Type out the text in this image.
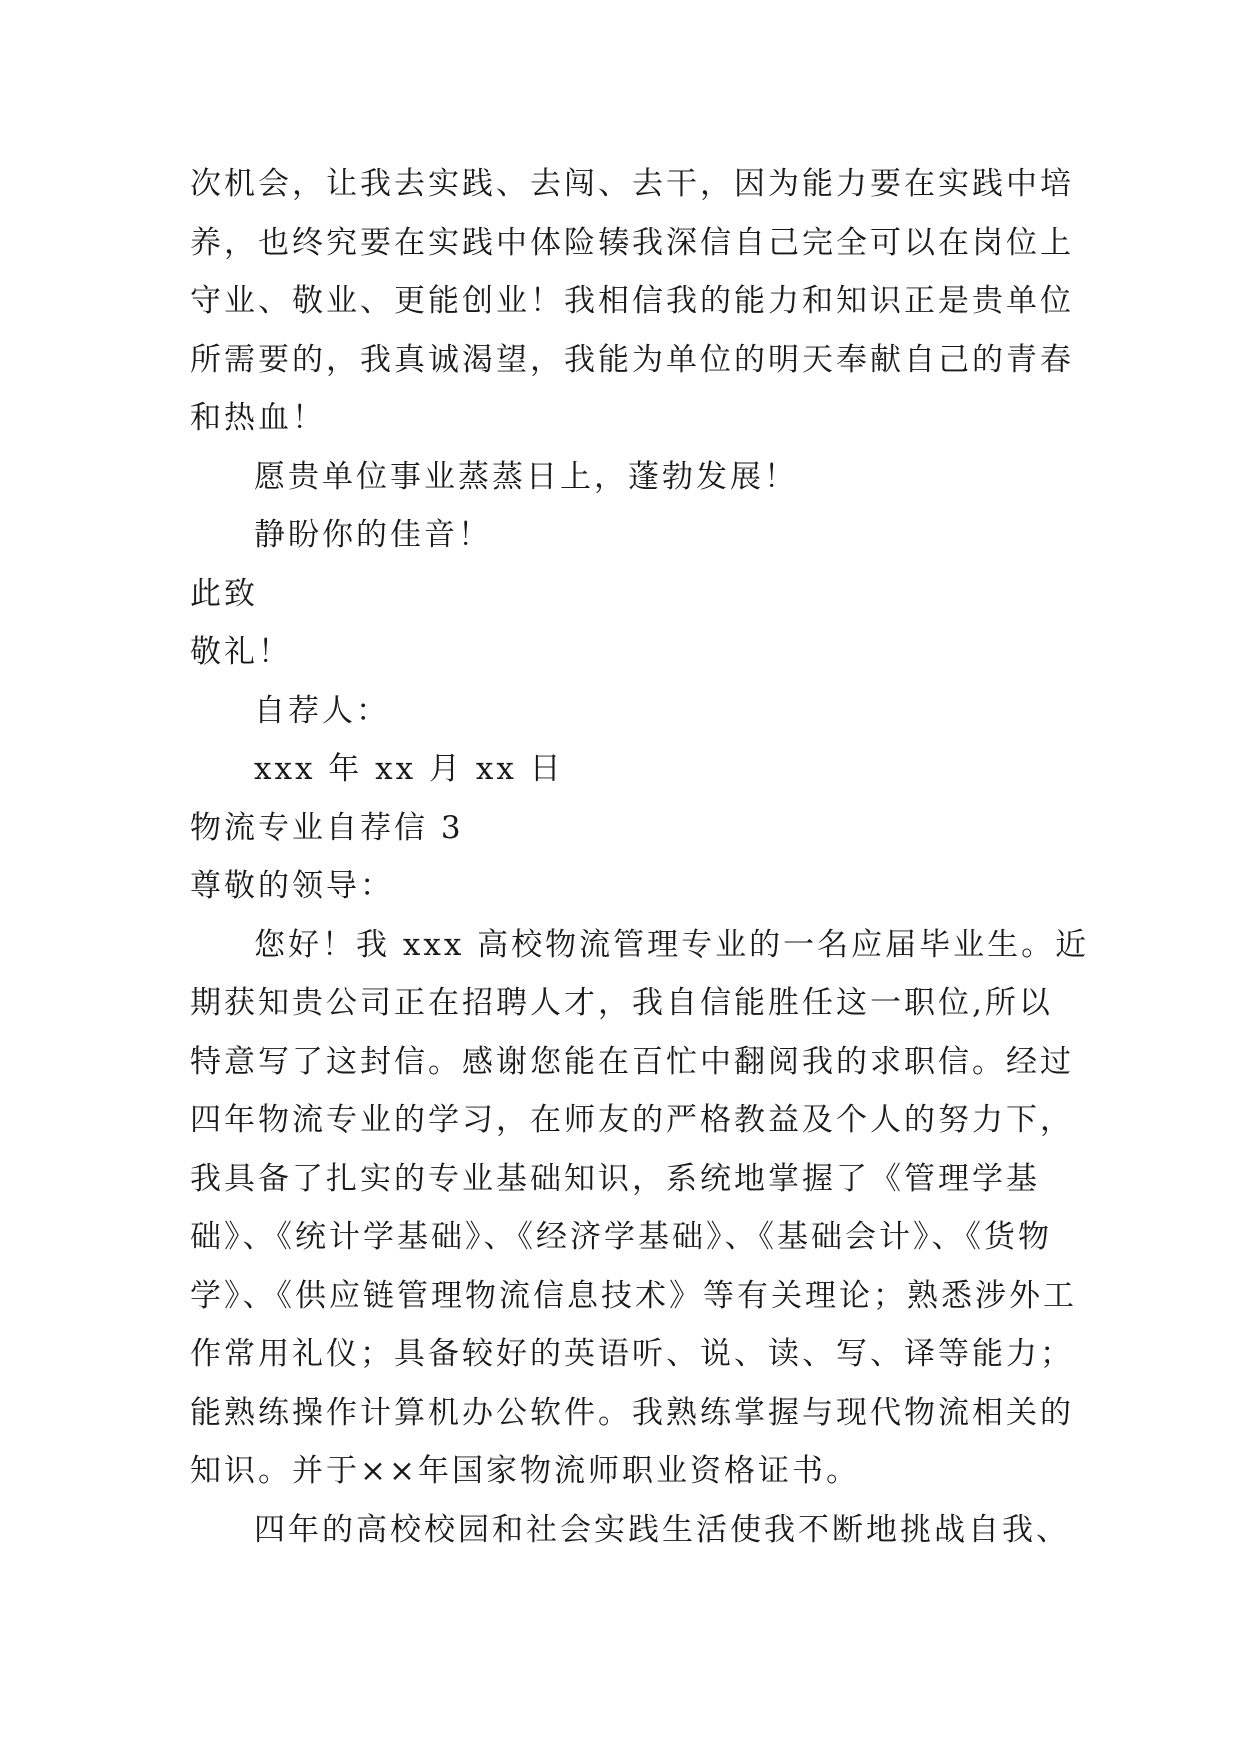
次机会，让我去实践、去闯、去干，因为能力要在实践中培
养，也终究要在实践中体险辏我深信自己完全可以在岗位上
守业、敬业、更能创业！我相信我的能力和知识正是贵单位
所需要的，我真诚渴望，我能为单位的明天奉献自己的青春
和热血！
愿贵单位事业蒸蒸日上，蓬勃发展！
静盼你的佳音！
此致
敬礼！
自荐人：
xxx 年 xx 月 xx 日
物流专业自荐信 3
尊敬的领导：
您好！我 xxx 高校物流管理专业的一名应届毕业生。近
期获知贵公司正在招聘人才，我自信能胜任这一职位,所以
特意写了这封信。感谢您能在百忙中翻阅我的求职信。经过
四年物流专业的学习，在师友的严格教益及个人的努力下，
我具备了扎实的专业基础知识，系统地掌握了《管理学基
础》、《统计学基础》、《经济学基础》、《基础会计》、《货物
学》、《供应链管理物流信息技术》等有关理论；熟悉涉外工
作常用礼仪；具备较好的英语听、说、读、写、译等能力；
能熟练操作计算机办公软件。我熟练掌握与现代物流相关的
知识。并于××年国家物流师职业资格证书。
四年的高校校园和社会实践生活使我不断地挑战自我、
